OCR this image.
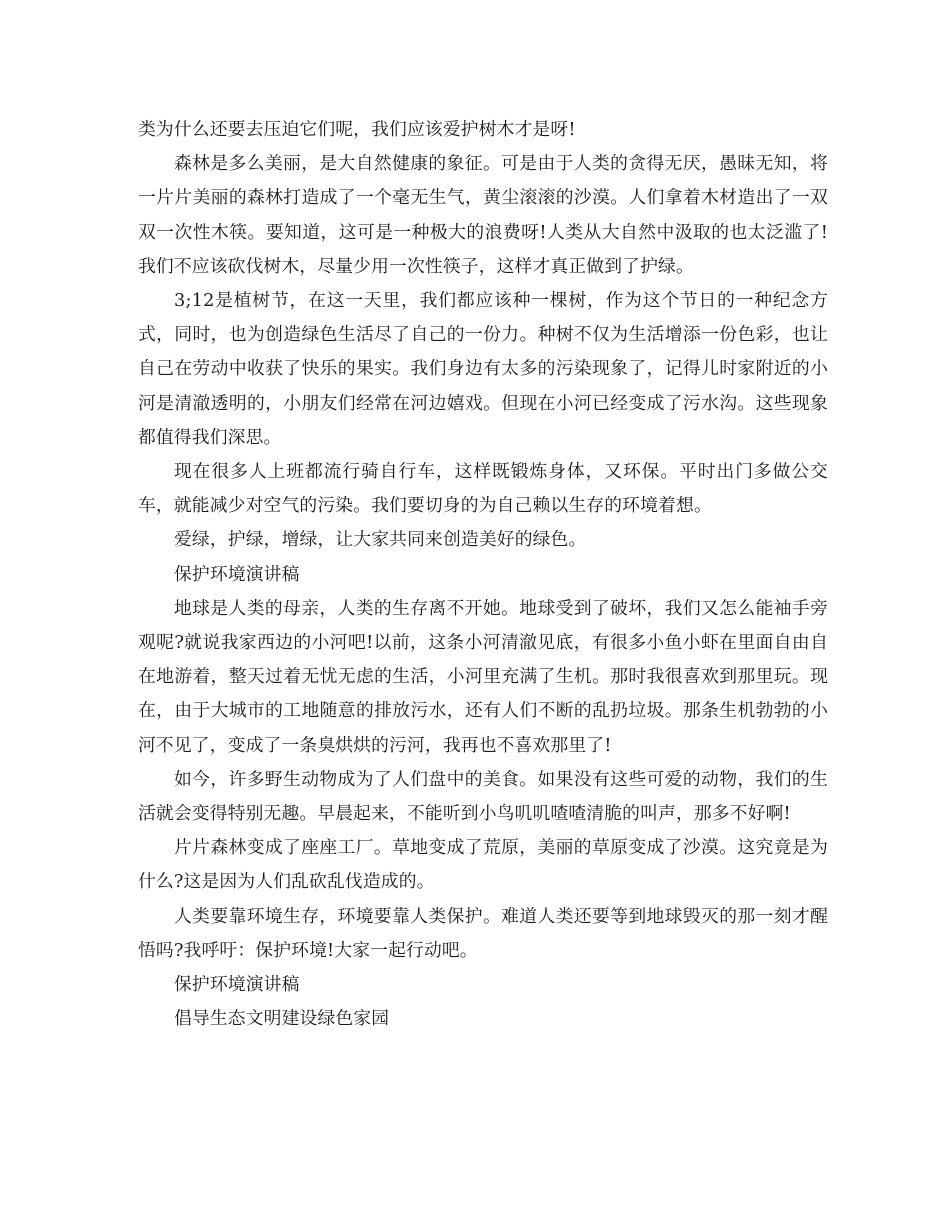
类为什么还要去压迫它们呢，我们应该爱护树木才是呀!

森林是多么美丽，是大自然健康的象征。可是由于人类的贪得无厌，愚昧无知，将一片片美丽的森林打造成了一个毫无生气，黄尘滚滚的沙漠。人们拿着木材造出了一双双一次性木筷。要知道，这可是一种极大的浪费呀!人类从大自然中汲取的也太泛滥了!我们不应该砍伐树木，尽量少用一次性筷子，这样才真正做到了护绿。

3;12是植树节，在这一天里，我们都应该种一棵树，作为这个节日的一种纪念方式，同时，也为创造绿色生活尽了自己的一份力。种树不仅为生活增添一份色彩，也让自己在劳动中收获了快乐的果实。我们身边有太多的污染现象了，记得儿时家附近的小河是清澈透明的，小朋友们经常在河边嬉戏。但现在小河已经变成了污水沟。这些现象都值得我们深思。

现在很多人上班都流行骑自行车，这样既锻炼身体，又环保。平时出门多做公交车，就能减少对空气的污染。我们要切身的为自己赖以生存的环境着想。

爱绿，护绿，增绿，让大家共同来创造美好的绿色。

保护环境演讲稿

地球是人类的母亲，人类的生存离不开她。地球受到了破坏，我们又怎么能袖手旁观呢?就说我家西边的小河吧!以前，这条小河清澈见底，有很多小鱼小虾在里面自由自在地游着，整天过着无忧无虑的生活，小河里充满了生机。那时我很喜欢到那里玩。现在，由于大城市的工地随意的排放污水，还有人们不断的乱扔垃圾。那条生机勃勃的小河不见了，变成了一条臭烘烘的污河，我再也不喜欢那里了!

如今，许多野生动物成为了人们盘中的美食。如果没有这些可爱的动物，我们的生活就会变得特别无趣。早晨起来，不能听到小鸟叽叽喳喳清脆的叫声，那多不好啊!

片片森林变成了座座工厂。草地变成了荒原，美丽的草原变成了沙漠。这究竟是为什么?这是因为人们乱砍乱伐造成的。

人类要靠环境生存，环境要靠人类保护。难道人类还要等到地球毁灭的那一刻才醒悟吗?我呼吁：保护环境!大家一起行动吧。

保护环境演讲稿

倡导生态文明建设绿色家园
